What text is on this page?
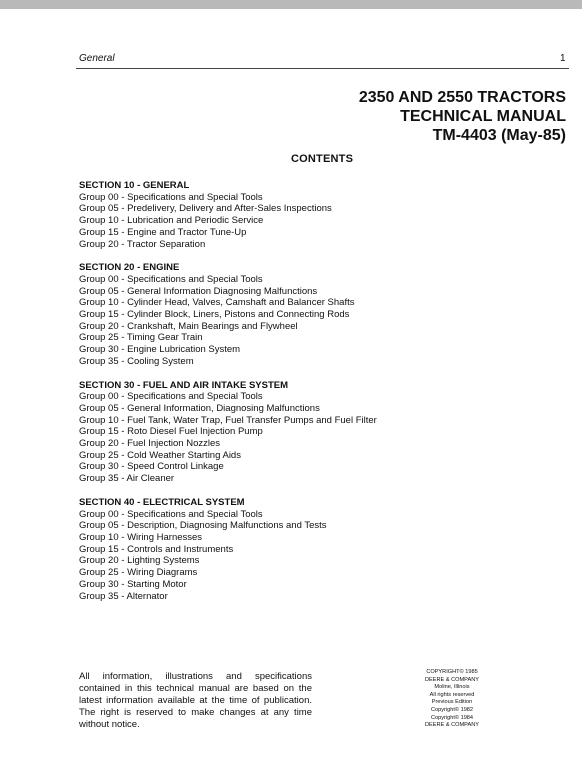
General	1
2350 AND 2550 TRACTORS
TECHNICAL MANUAL
TM-4403 (May-85)
CONTENTS
SECTION 10 - GENERAL
Group 00 - Specifications and Special Tools
Group 05 - Predelivery, Delivery and After-Sales Inspections
Group 10 - Lubrication and Periodic Service
Group 15 - Engine and Tractor Tune-Up
Group 20 - Tractor Separation
SECTION 20 - ENGINE
Group 00 - Specifications and Special Tools
Group 05 - General Information Diagnosing Malfunctions
Group 10 - Cylinder Head, Valves, Camshaft and Balancer Shafts
Group 15 - Cylinder Block, Liners, Pistons and Connecting Rods
Group 20 - Crankshaft, Main Bearings and Flywheel
Group 25 - Timing Gear Train
Group 30 - Engine Lubrication System
Group 35 - Cooling System
SECTION 30 - FUEL AND AIR INTAKE SYSTEM
Group 00 - Specifications and Special Tools
Group 05 - General Information, Diagnosing Malfunctions
Group 10 - Fuel Tank, Water Trap, Fuel Transfer Pumps and Fuel Filter
Group 15 - Roto Diesel Fuel Injection Pump
Group 20 - Fuel Injection Nozzles
Group 25 - Cold Weather Starting Aids
Group 30 - Speed Control Linkage
Group 35 - Air Cleaner
SECTION 40 - ELECTRICAL SYSTEM
Group 00 - Specifications and Special Tools
Group 05 - Description, Diagnosing Malfunctions and Tests
Group 10 - Wiring Harnesses
Group 15 - Controls and Instruments
Group 20 - Lighting Systems
Group 25 - Wiring Diagrams
Group 30 - Starting Motor
Group 35 - Alternator
All information, illustrations and specifications contained in this technical manual are based on the latest information available at the time of publication. The right is reserved to make changes at any time without notice.
COPYRIGHT© 1985
DEERE & COMPANY
Moline, Illinois
All rights reserved
Previous Edition
Copyright© 1982
Copyright© 1984
DEERE & COMPANY
